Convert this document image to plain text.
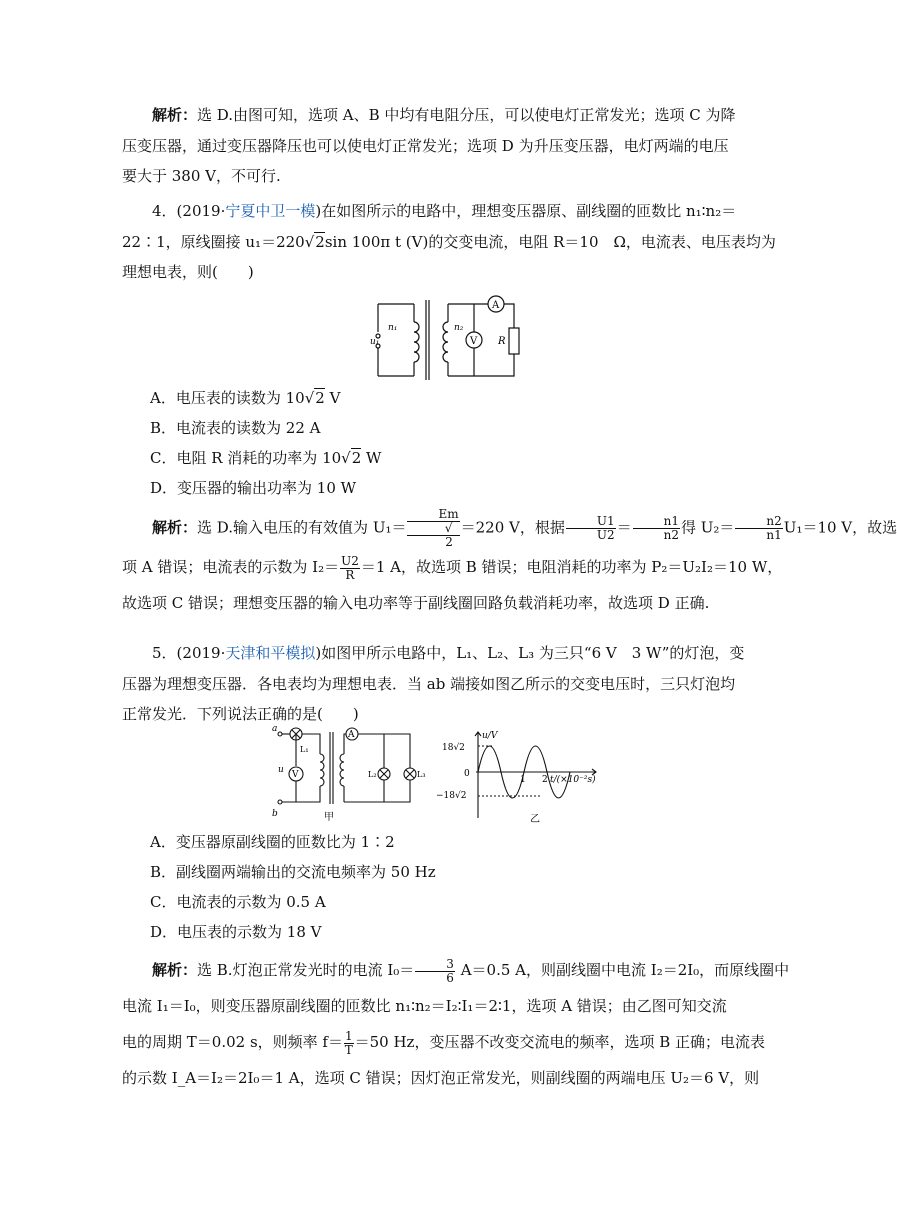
解析：选 D.由图可知，选项 A、B 中均有电阻分压，可以使电灯正常发光；选项 C 为降
压变压器，通过变压器降压也可以使电灯正常发光；选项 D 为升压变压器，电灯两端的电压
要大于 380 V，不可行.
4．(2019·宁夏中卫一模)在如图所示的电路中，理想变压器原、副线圈的匝数比 n₁∶n₂＝
22∶1，原线圈接 u₁＝220√2sin 100π t (V)的交变电流，电阻 R＝10　Ω，电流表、电压表均为
理想电表，则(　　)
u₁
n₁	n₂
V
A
R
A．电压表的读数为 10√2 V
B．电流表的读数为 22 A
C．电阻 R 消耗的功率为 10√2 W
D．变压器的输出功率为 10 W
解析：选 D.输入电压的有效值为 U₁＝ Em
√
2 ＝220 V，根据 $\frac{U1}{U2} = \frac{n1}{n2}$ 得 $U_2= \frac{n2}{n1} U_1=10$ V，故选
项 A 错误；电流表的示数为 $I_2= \frac{U2}{R} =1$ A，故选项 B 错误；电阻消耗的功率为 P₂＝U₂I₂＝10 W，
故选项 C 错误；理想变压器的输入电功率等于副线圈回路负载消耗功率，故选项 D 正确.
5．(2019·天津和平模拟)如图甲所示电路中，L₁、L₂、L₃ 为三只“6 V　3 W”的灯泡，变
压器为理想变压器．各电表均为理想电表．当 ab 端接如图乙所示的交变电压时，三只灯泡均
正常发光．下列说法正确的是(　　)
a
b
u
L₁
V
A
L₂	L₃
甲
u/V
18√2
0
−18√2
1 2 t/(×10⁻²s)
乙
A．变压器原副线圈的匝数比为 1∶2
B．副线圈两端输出的交流电频率为 50 Hz
C．电流表的示数为 0.5 A
D．电压表的示数为 18 V
解析：选 B.灯泡正常发光时的电流 $I_0= \frac{3}{6} A=0.5$ A，则副线圈中电流 I₂＝2I₀，而原线圈中
电流 I₁＝I₀，则变压器原副线圈的匝数比 n₁∶n₂＝I₂∶I₁＝2∶1，选项 A 错误；由乙图可知交流
电的周期 T＝0.02 s，则频率 $f= \frac{1}{T} =50$ Hz，变压器不改变交流电的频率，选项 B 正确；电流表
的示数 I_A＝I₂＝2I₀＝1 A，选项 C 错误；因灯泡正常发光，则副线圈的两端电压 U₂＝6 V，则
